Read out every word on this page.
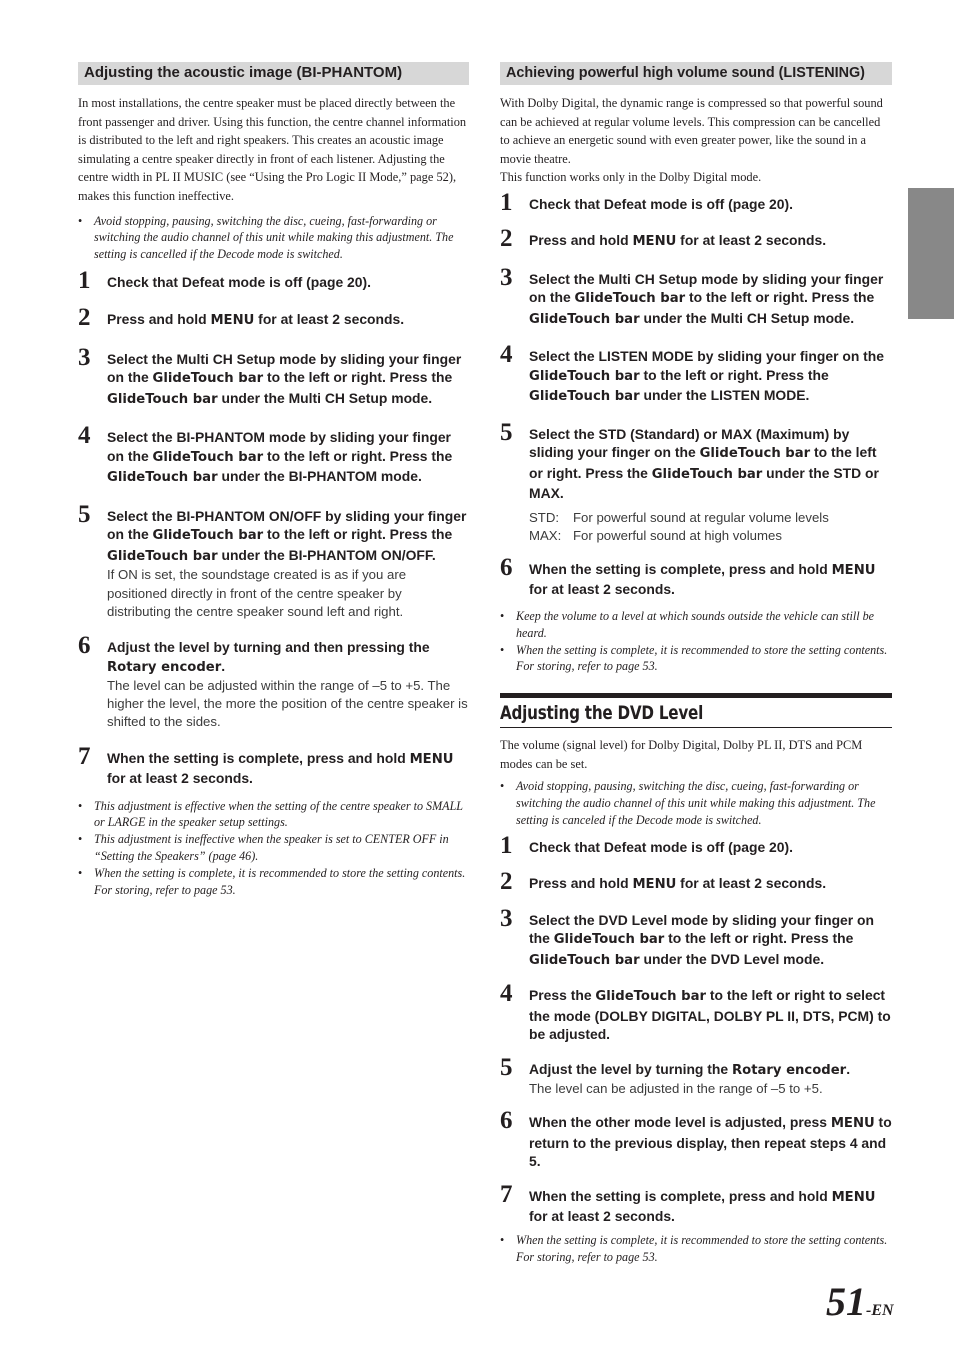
Adjusting the acoustic image (BI-PHANTOM)

In most installations, the centre speaker must be placed directly between the front passenger and driver. Using this function, the centre channel information is distributed to the left and right speakers. This creates an acoustic image simulating a centre speaker directly in front of each listener. Adjusting the centre width in PL II MUSIC (see “Using the Pro Logic II Mode,” page 52), makes this function ineffective.

• Avoid stopping, pausing, switching the disc, cueing, fast-forwarding or switching the audio channel of this unit while making this adjustment. The setting is cancelled if the Decode mode is switched.
1 Check that Defeat mode is off (page 20).
2 Press and hold MENU for at least 2 seconds.
3 Select the Multi CH Setup mode by sliding your finger on the GlideTouch bar to the left or right. Press the GlideTouch bar under the Multi CH Setup mode.
4 Select the BI-PHANTOM mode by sliding your finger on the GlideTouch bar to the left or right. Press the GlideTouch bar under the BI-PHANTOM mode.
5 Select the BI-PHANTOM ON/OFF by sliding your finger on the GlideTouch bar to the left or right. Press the GlideTouch bar under the BI-PHANTOM ON/OFF.
If ON is set, the soundstage created is as if you are positioned directly in front of the centre speaker by distributing the centre speaker sound left and right.
6 Adjust the level by turning and then pressing the Rotary encoder.
The level can be adjusted within the range of –5 to +5. The higher the level, the more the position of the centre speaker is shifted to the sides.
7 When the setting is complete, press and hold MENU for at least 2 seconds.
• This adjustment is effective when the setting of the centre speaker to SMALL or LARGE in the speaker setup settings.
• This adjustment is ineffective when the speaker is set to CENTER OFF in “Setting the Speakers” (page 46).
• When the setting is complete, it is recommended to store the setting contents. For storing, refer to page 53.
Achieving powerful high volume sound (LISTENING)

With Dolby Digital, the dynamic range is compressed so that powerful sound can be achieved at regular volume levels. This compression can be cancelled to achieve an energetic sound with even greater power, like the sound in a movie theatre.

This function works only in the Dolby Digital mode.

1 Check that Defeat mode is off (page 20).
2 Press and hold MENU for at least 2 seconds.
3 Select the Multi CH Setup mode by sliding your finger on the GlideTouch bar to the left or right. Press the GlideTouch bar under the Multi CH Setup mode.
4 Select the LISTEN MODE by sliding your finger on the GlideTouch bar to the left or right. Press the GlideTouch bar under the LISTEN MODE.
5 Select the STD (Standard) or MAX (Maximum) by sliding your finger on the GlideTouch bar to the left or right. Press the GlideTouch bar under the STD or MAX.
STD: For powerful sound at regular volume levels
MAX: For powerful sound at high volumes
6 When the setting is complete, press and hold MENU for at least 2 seconds.
• Keep the volume to a level at which sounds outside the vehicle can still be heard.
• When the setting is complete, it is recommended to store the setting contents. For storing, refer to page 53.
Adjusting the DVD Level

The volume (signal level) for Dolby Digital, Dolby PL II, DTS and PCM modes can be set.

• Avoid stopping, pausing, switching the disc, cueing, fast-forwarding or switching the audio channel of this unit while making this adjustment. The setting is canceled if the Decode mode is switched.
1 Check that Defeat mode is off (page 20).
2 Press and hold MENU for at least 2 seconds.
3 Select the DVD Level mode by sliding your finger on the GlideTouch bar to the left or right. Press the GlideTouch bar under the DVD Level mode.
4 Press the GlideTouch bar to the left or right to select the mode (DOLBY DIGITAL, DOLBY PL II, DTS, PCM) to be adjusted.
5 Adjust the level by turning the Rotary encoder.
The level can be adjusted in the range of –5 to +5.
6 When the other mode level is adjusted, press MENU to return to the previous display, then repeat steps 4 and 5.
7 When the setting is complete, press and hold MENU for at least 2 seconds.
• When the setting is complete, it is recommended to store the setting contents. For storing, refer to page 53.
51-EN
